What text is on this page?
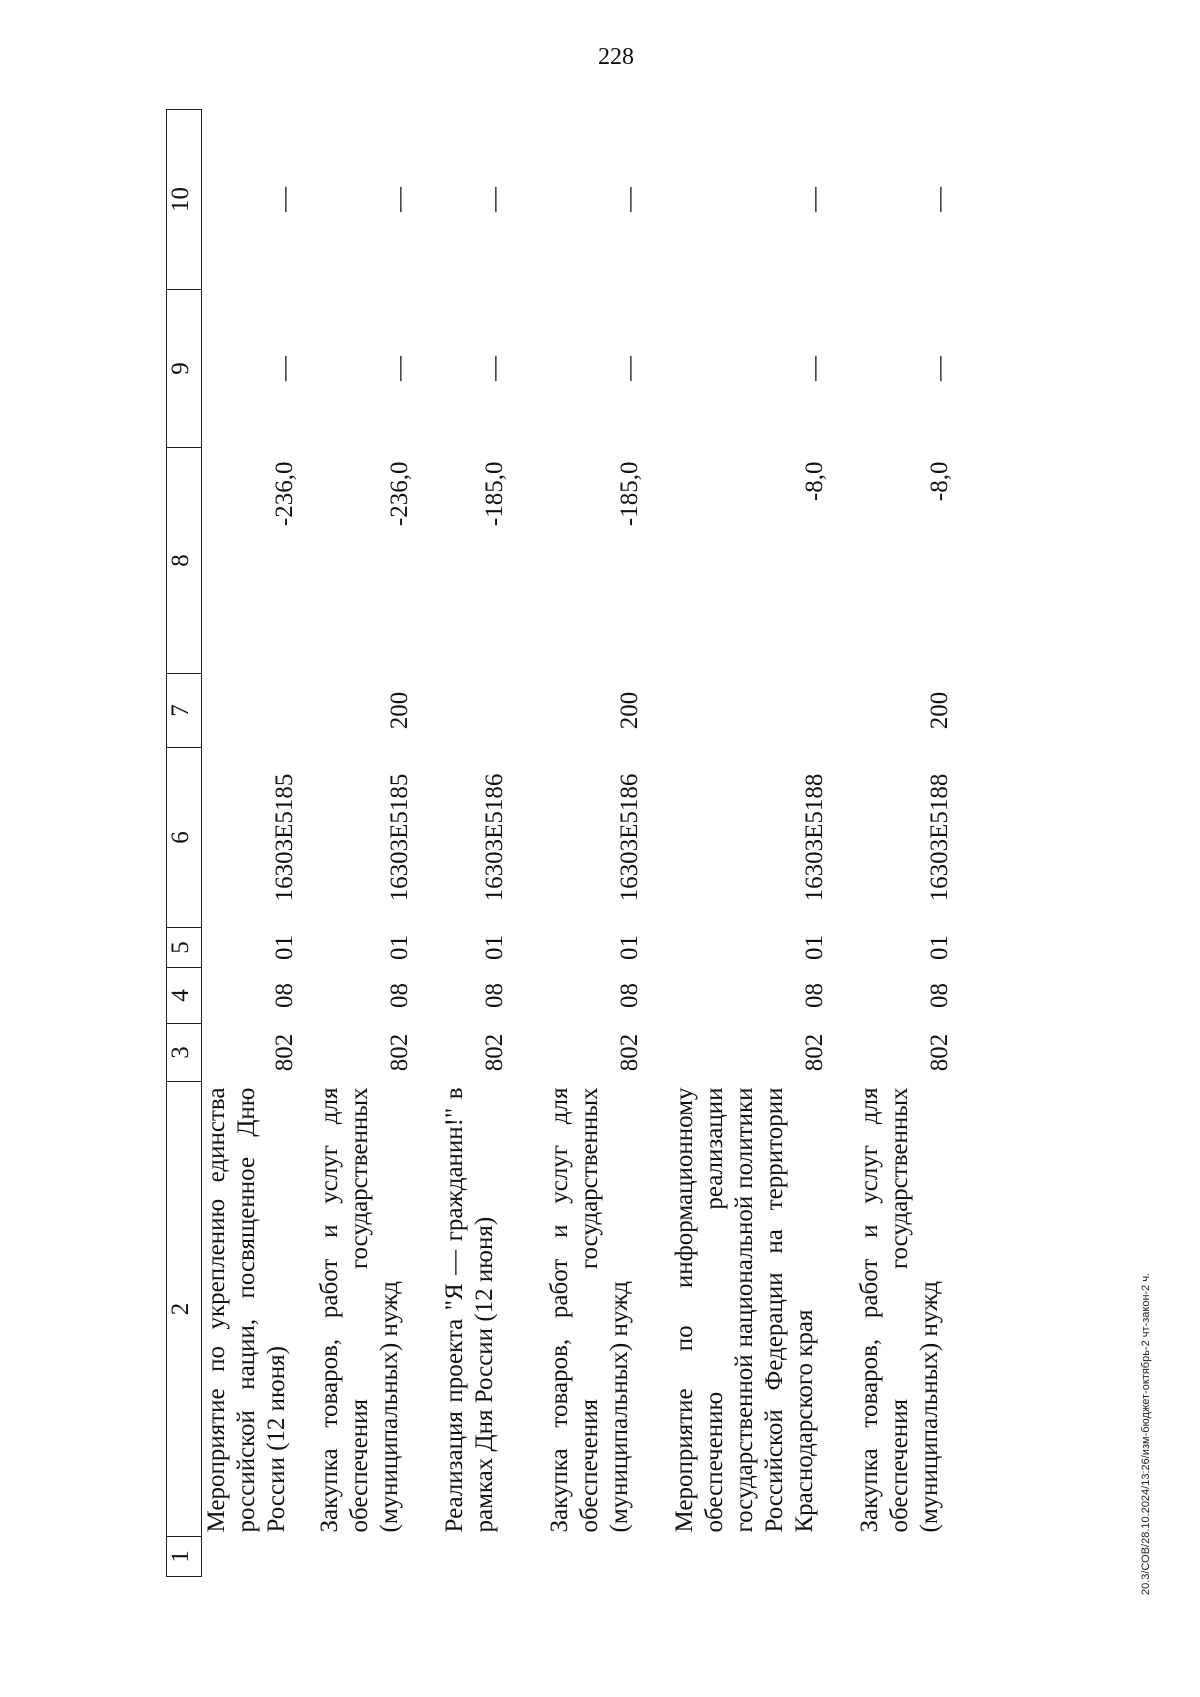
228
20.3/СОВ/28.10.2024/13:26/изм-бюджет-октябрь-2 чт-закон-2 ч.
1	2	3	4	5	6	7	8	9	10
	Мероприятие по укреплению единства российской нации, посвященное Дню России (12 июня)	802	08	01	16303E5185		-236,0	—	—

	Закупка товаров, работ и услуг для обеспечения государственных (муниципальных) нужд	802	08	01	16303E5185	200	-236,0	—	—

	Реализация проекта "Я — гражданин!" в рамках Дня России (12 июня)	802	08	01	16303E5186		-185,0	—	—

	Закупка товаров, работ и услуг для обеспечения государственных (муниципальных) нужд	802	08	01	16303E5186	200	-185,0	—	—

	Мероприятие по информационному обеспечению реализации государственной национальной политики Российской Федерации на территории Краснодарского края	802	08	01	16303E5188		-8,0	—	—

	Закупка товаров, работ и услуг для обеспечения государственных (муниципальных) нужд	802	08	01	16303E5188	200	-8,0	—	—
